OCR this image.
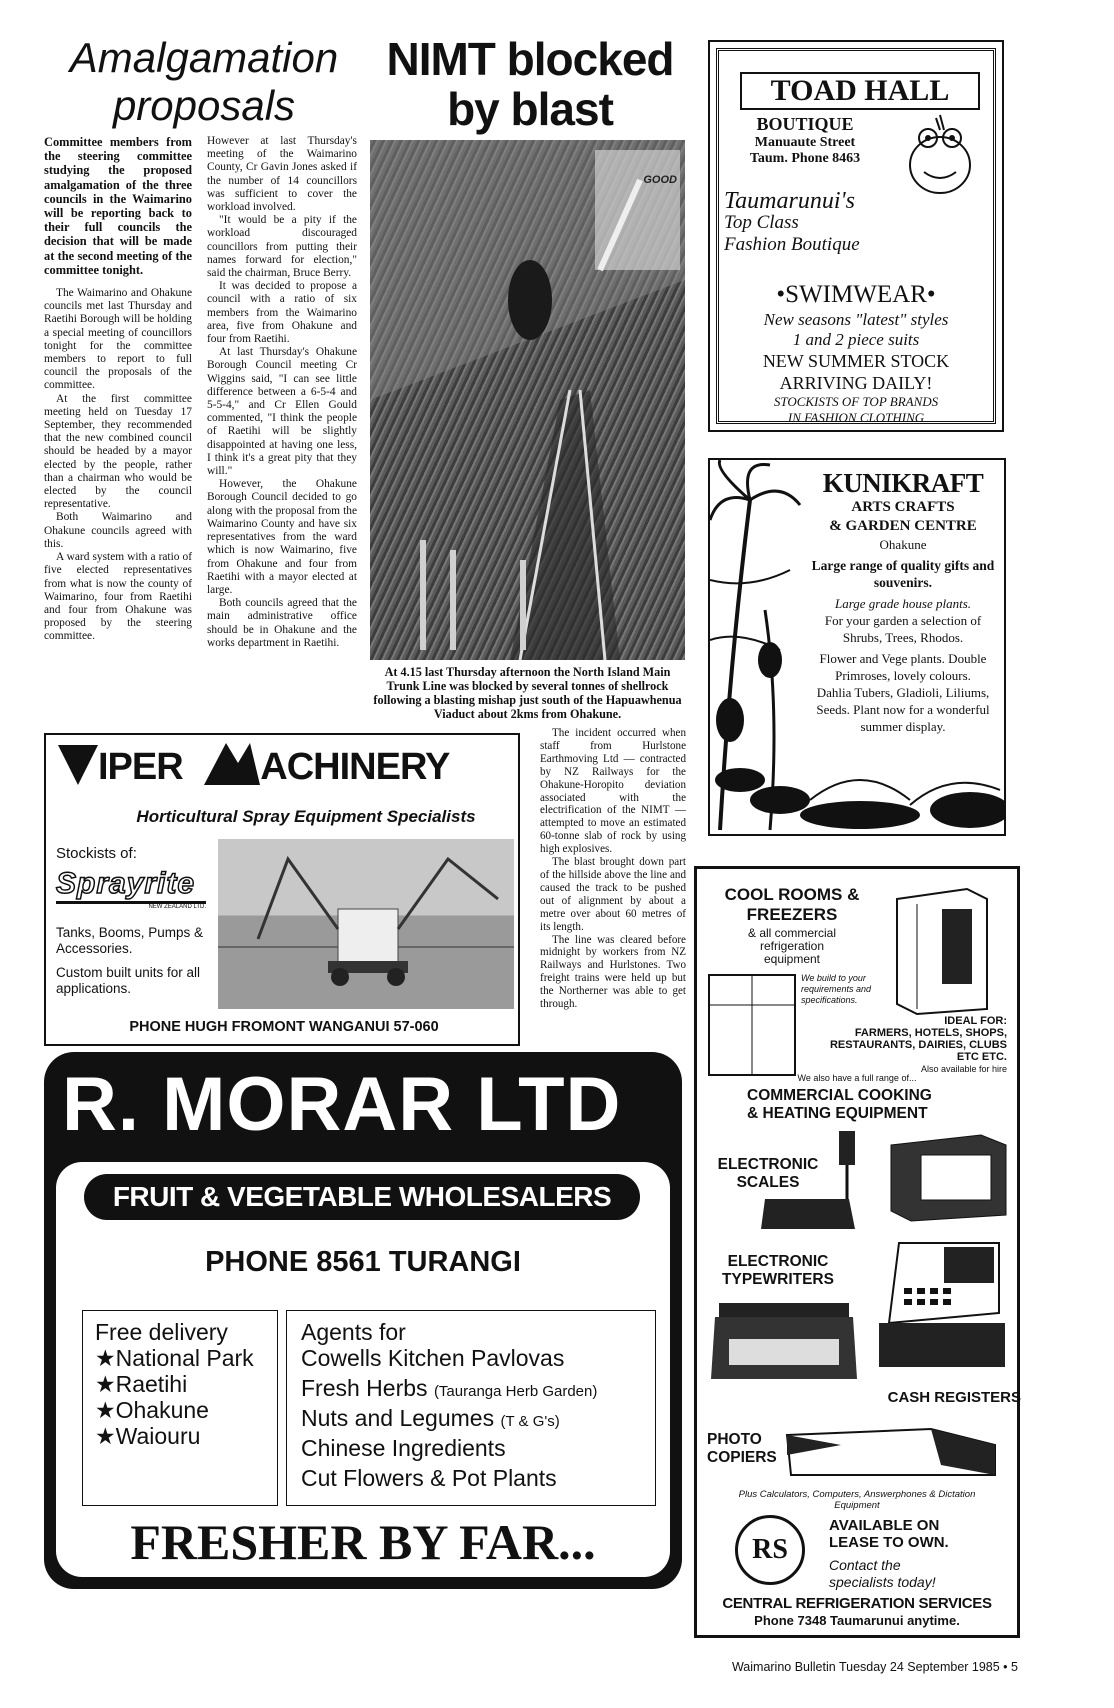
Amalgamation
proposals

Committee members from the steering committee studying the proposed amalgamation of the three councils in the Waimarino will be reporting back to their full councils the decision that will be made at the second meeting of the committee tonight.

The Waimarino and Ohakune councils met last Thursday and Raetihi Borough will be holding a special meeting of councillors tonight for the committee members to report to full council the proposals of the committee.

At the first committee meeting held on Tuesday 17 September, they recommended that the new combined council should be headed by a mayor elected by the people, rather than a chairman who would be elected by the council representative.

Both Waimarino and Ohakune councils agreed with this.

A ward system with a ratio of five elected representatives from what is now the county of Waimarino, four from Raetihi and four from Ohakune was proposed by the steering committee.

However at last Thursday's meeting of the Waimarino County, Cr Gavin Jones asked if the number of 14 councillors was sufficient to cover the workload involved.

"It would be a pity if the workload discouraged councillors from putting their names forward for election," said the chairman, Bruce Berry.

It was decided to propose a council with a ratio of six members from the Waimarino area, five from Ohakune and four from Raetihi.

At last Thursday's Ohakune Borough Council meeting Cr Wiggins said, "I can see little difference between a 6-5-4 and 5-5-4," and Cr Ellen Gould commented, "I think the people of Raetihi will be slightly disappointed at having one less, I think it's a great pity that they will."

However, the Ohakune Borough Council decided to go along with the proposal from the Waimarino County and have six representatives from the ward which is now Waimarino, five from Ohakune and four from Raetihi with a mayor elected at large.

Both councils agreed that the main administrative office should be in Ohakune and the works department in Raetihi.

NIMT blocked
by blast
GOOD
At 4.15 last Thursday afternoon the North Island Main Trunk Line was blocked by several tonnes of shellrock following a blasting mishap just south of the Hapuawhenua Viaduct about 2kms from Ohakune.

The incident occurred when staff from Hurlstone Earthmoving Ltd — contracted by NZ Railways for the Ohakune-Horopito deviation associated with the electrification of the NIMT — attempted to move an estimated 60-tonne slab of rock by using high explosives.

The blast brought down part of the hillside above the line and caused the track to be pushed out of alignment by about a metre over about 60 metres of its length.

The line was cleared before midnight by workers from NZ Railways and Hurlstones. Two freight trains were held up but the Northerner was able to get through.

TOAD HALL
BOUTIQUE
Manuaute Street
Taum. Phone 8463
Taumarunui's
Top Class
Fashion Boutique
•SWIMWEAR•
New seasons "latest" styles
1 and 2 piece suits
NEW SUMMER STOCK
ARRIVING DAILY!
STOCKISTS OF TOP BRANDS
IN FASHION CLOTHING
KUNIKRAFT
ARTS CRAFTS
& GARDEN CENTRE
Ohakune
Large range of quality gifts and souvenirs.
Large grade house plants.
For your garden a selection of Shrubs, Trees, Rhodos.
Flower and Vege plants. Double Primroses, lovely colours.
Dahlia Tubers, Gladioli, Liliums, Seeds. Plant now for a wonderful summer display.
IPER ACHINERY
Horticultural Spray Equipment Specialists
Stockists of:
Sprayrite
NEW ZEALAND LTD.
Tanks, Booms, Pumps & Accessories.
Custom built units for all applications.
PHONE HUGH FROMONT WANGANUI 57-060
R. MORAR LTD
FRUIT & VEGETABLE WHOLESALERS
PHONE 8561 TURANGI
Free delivery
★National Park
★Raetihi
★Ohakune
★Waiouru
Agents for
Cowells Kitchen Pavlovas
Fresh Herbs (Tauranga Herb Garden)
Nuts and Legumes (T & G's)
Chinese Ingredients
Cut Flowers & Pot Plants
FRESHER BY FAR...
COOL ROOMS &
FREEZERS
& all commercial refrigeration equipment
We build to your requirements and specifications.
IDEAL FOR:
FARMERS, HOTELS, SHOPS, RESTAURANTS, DAIRIES, CLUBS ETC ETC.
Also available for hire
We also have a full range of...
COMMERCIAL COOKING
& HEATING EQUIPMENT
ELECTRONIC
SCALES
ELECTRONIC
TYPEWRITERS
CASH REGISTERS
PHOTO
COPIERS
Plus Calculators, Computers, Answerphones & Dictation Equipment
RS
AVAILABLE ON
LEASE TO OWN.
Contact the
specialists today!
CENTRAL REFRIGERATION SERVICES
Phone 7348 Taumarunui anytime.
Waimarino Bulletin Tuesday 24 September 1985 • 5
